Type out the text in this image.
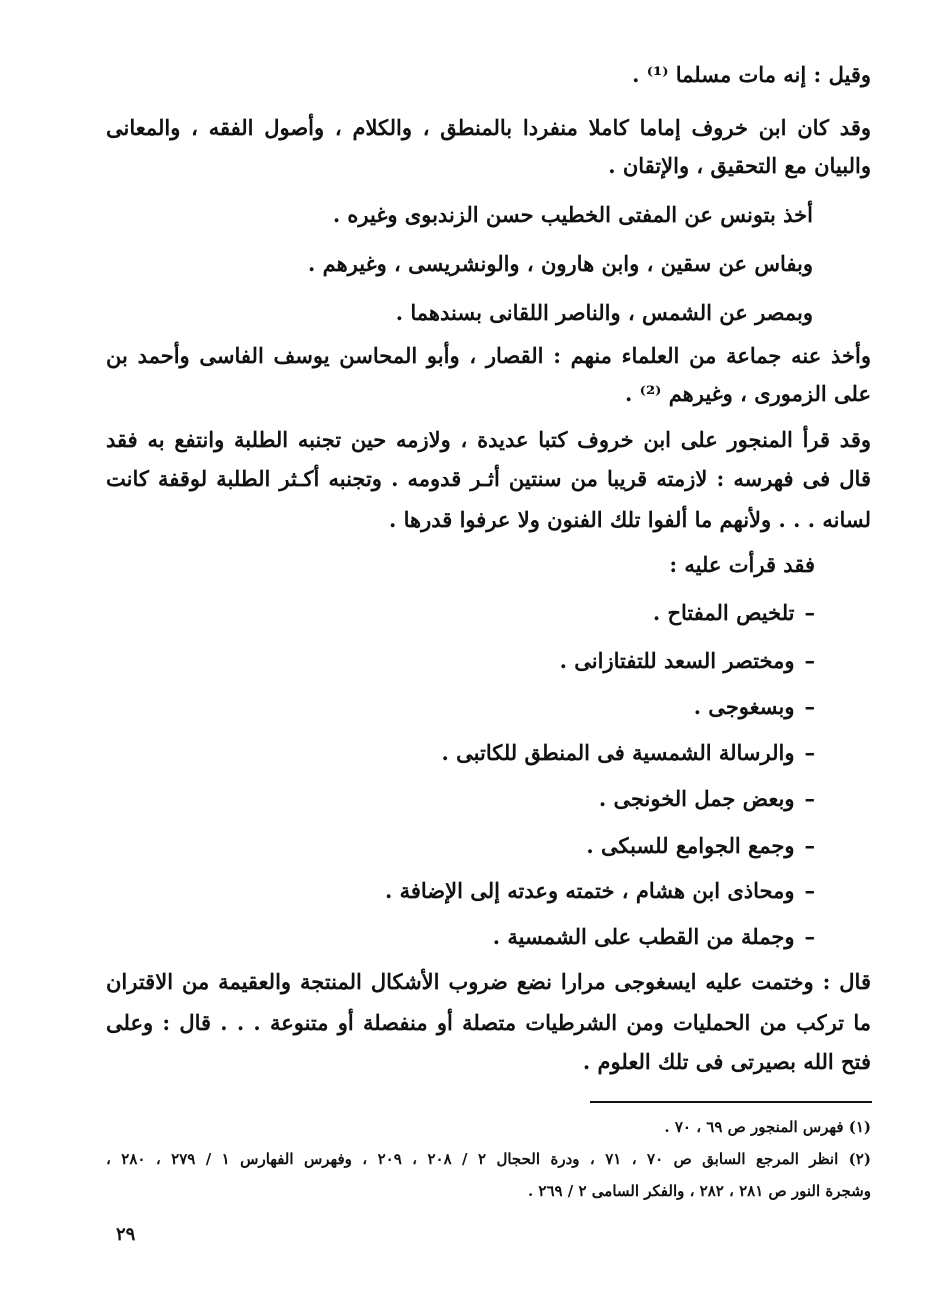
وقيل : إنه مات مسلما ⁽¹⁾ .
وقد كان ابن خروف إماما كاملا منفردا بالمنطق ، والكلام ، وأصول الفقه ، والمعانى
والبيان مع التحقيق ، والإتقان .
أخذ بتونس عن المفتى الخطيب حسن الزندبوى وغيره .
وبفاس عن سقين ، وابن هارون ، والونشريسى ، وغيرهم .
وبمصر عن الشمس ، والناصر اللقانى بسندهما .
وأخذ عنه جماعة من العلماء منهم : القصار ، وأبو المحاسن يوسف الفاسى وأحمد بن
على الزمورى ، وغيرهم ⁽²⁾ .
وقد قرأ المنجور على ابن خروف كتبا عديدة ، ولازمه حين تجنبه الطلبة وانتفع به فقد
قال فى فهرسه : لازمته قريبا من سنتين أثـر قدومه . وتجنبه أكـثر الطلبة لوقفة كانت
لسانه . . . ولأنهم ما ألفوا تلك الفنون ولا عرفوا قدرها .
فقد قرأت عليه :
–تلخيص المفتاح .
–ومختصر السعد للتفتازانى .
–وبسغوجى .
–والرسالة الشمسية فى المنطق للكاتبى .
–وبعض جمل الخونجى .
–وجمع الجوامع للسبكى .
–ومحاذى ابن هشام ، ختمته وعدته إلى الإضافة .
–وجملة من القطب على الشمسية .
قال : وختمت عليه ايسغوجى مرارا نضع ضروب الأشكال المنتجة والعقيمة من الاقتران
ما تركب من الحمليات ومن الشرطيات متصلة أو منفصلة أو متنوعة . . . قال : وعلى
فتح الله بصيرتى فى تلك العلوم .
(١) فهرس المنجور ص ٦٩ ، ٧٠ .
(٢) انظر المرجع السابق ص ٧٠ ، ٧١ ، ودرة الحجال ٢ / ٢٠٨ ، ٢٠٩ ، وفهرس الفهارس ١ / ٢٧٩ ، ٢٨٠ ،
وشجرة النور ص ٢٨١ ، ٢٨٢ ، والفكر السامى ٢ / ٢٦٩ .
٢٩
